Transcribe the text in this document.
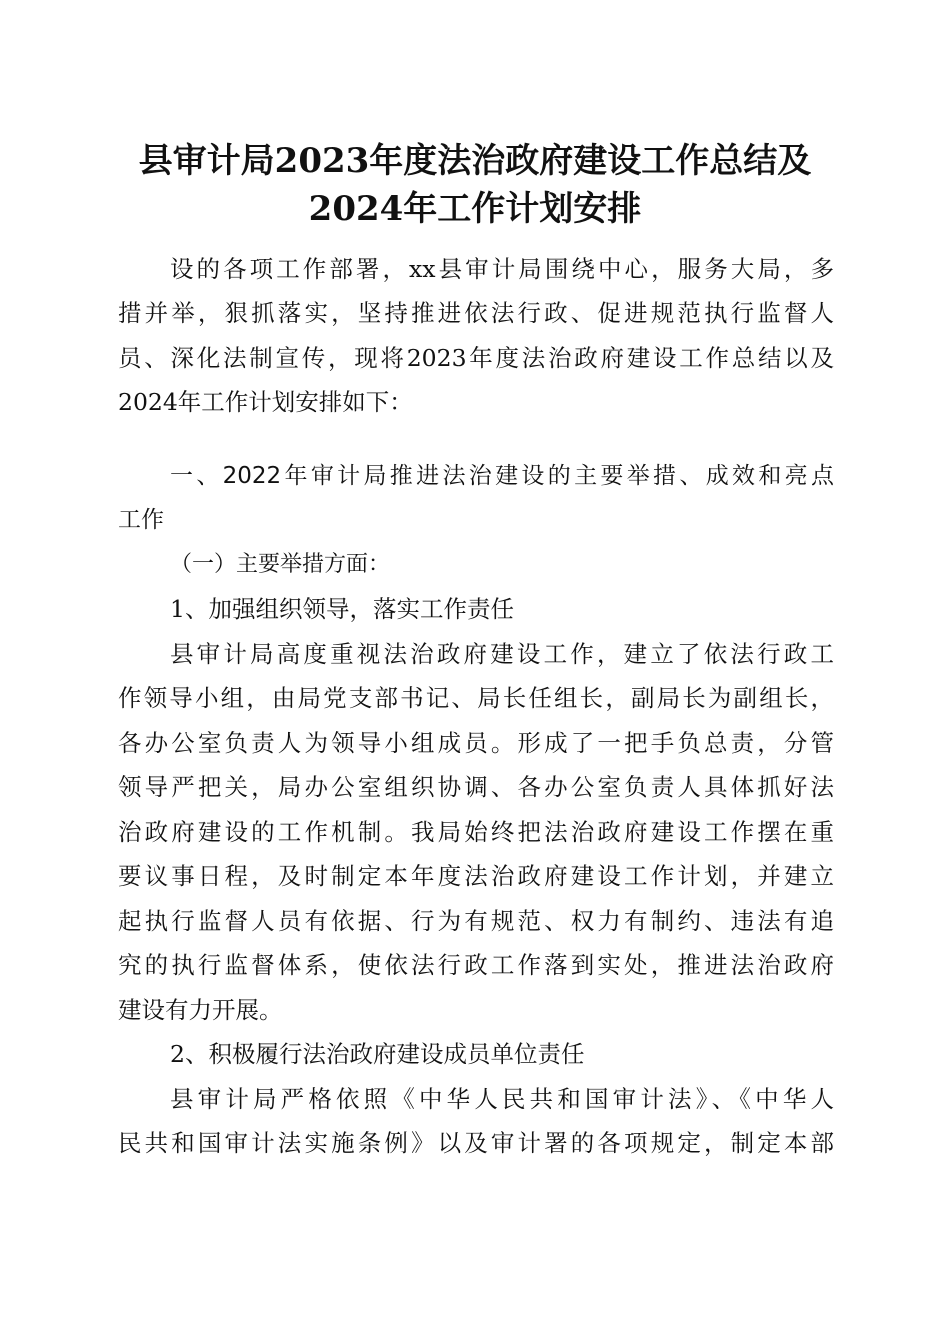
县审计局2023年度法治政府建设工作总结及
2024年工作计划安排
设的各项工作部署，xx县审计局围绕中心，服务大局，多
措并举，狠抓落实，坚持推进依法行政、促进规范执行监督人
员、深化法制宣传，现将2023年度法治政府建设工作总结以及
2024年工作计划安排如下：
一、2022年审计局推进法治建设的主要举措、成效和亮点
工作
（一）主要举措方面：
1、加强组织领导，落实工作责任
县审计局高度重视法治政府建设工作，建立了依法行政工
作领导小组，由局党支部书记、局长任组长，副局长为副组长，
各办公室负责人为领导小组成员。形成了一把手负总责，分管
领导严把关，局办公室组织协调、各办公室负责人具体抓好法
治政府建设的工作机制。我局始终把法治政府建设工作摆在重
要议事日程，及时制定本年度法治政府建设工作计划，并建立
起执行监督人员有依据、行为有规范、权力有制约、违法有追
究的执行监督体系，使依法行政工作落到实处，推进法治政府
建设有力开展。
2、积极履行法治政府建设成员单位责任
县审计局严格依照《中华人民共和国审计法》、《中华人
民共和国审计法实施条例》以及审计署的各项规定，制定本部
